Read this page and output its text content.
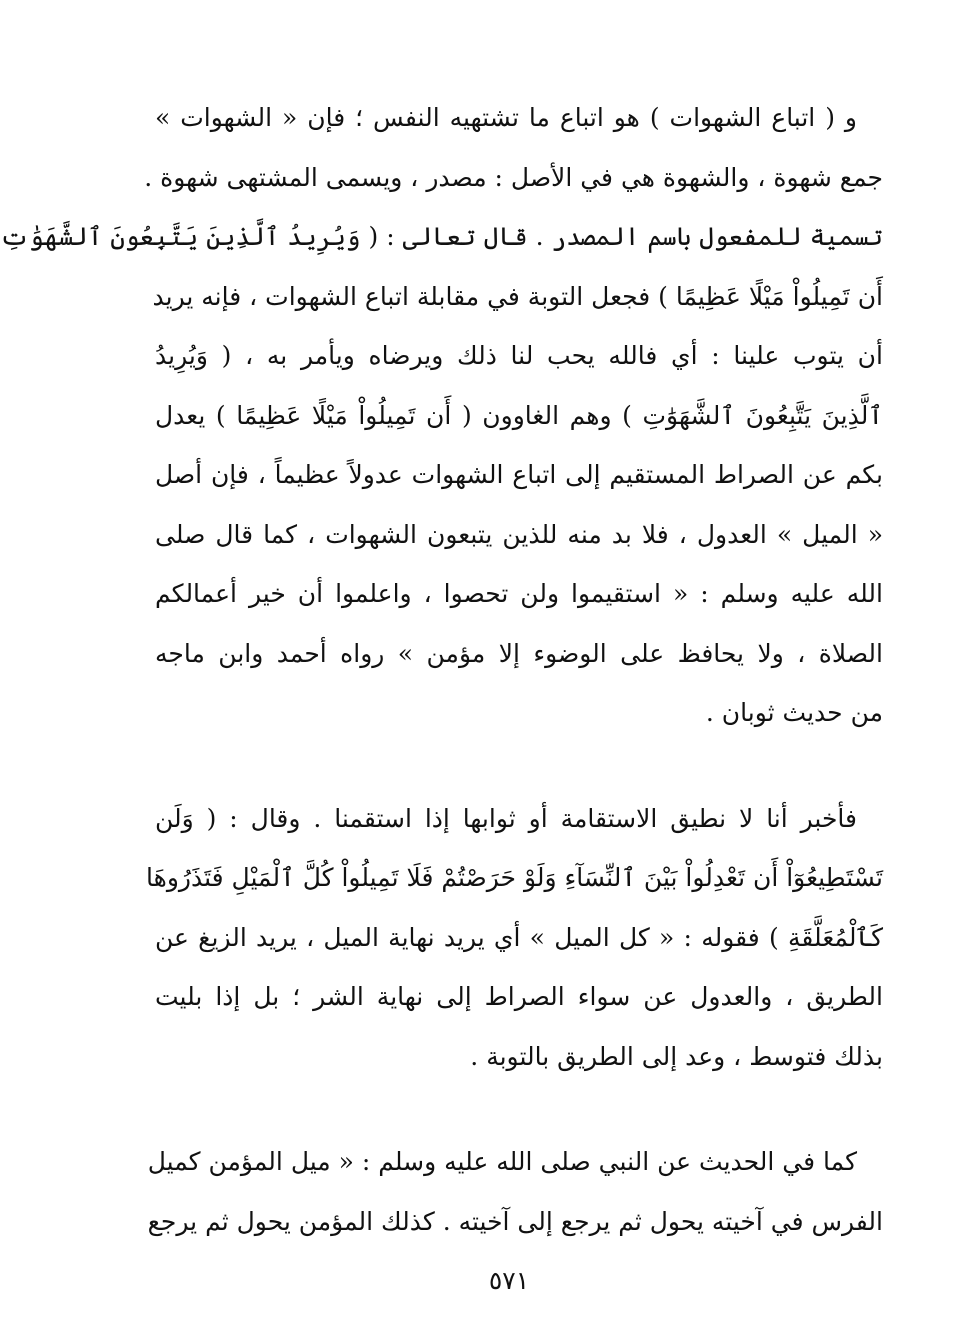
و ( اتباع الشهوات ) هو اتباع ما تشتهيه النفس ؛ فإن « الشهوات »
جمع شهوة ، والشهوة هي في الأصل : مصدر ، ويسمى المشتهى شهوة .
تسمية للمفعول باسم المصدر . قال تعالى : ( وَيُرِيدُ ٱلَّذِينَ يَتَّبِعُونَ ٱلشَّهَوَٰتِ
أَن تَمِيلُواْ مَيْلًا عَظِيمًا ) فجعل التوبة في مقابلة اتباع الشهوات ، فإنه يريد
أن يتوب علينا : أي فالله يحب لنا ذلك ويرضاه ويأمر به ، ( وَيُرِيدُ
ٱلَّذِينَ يَتَّبِعُونَ ٱلشَّهَوَٰتِ ) وهم الغاوون ( أَن تَمِيلُواْ مَيْلًا عَظِيمًا ) يعدل
بكم عن الصراط المستقيم إلى اتباع الشهوات عدولاً عظيماً ، فإن أصل
« الميل » العدول ، فلا بد منه للذين يتبعون الشهوات ، كما قال صلى
الله عليه وسلم : « استقيموا ولن تحصوا ، واعلموا أن خير أعمالكم
الصلاة ، ولا يحافظ على الوضوء إلا مؤمن » رواه أحمد وابن ماجه
من حديث ثوبان .
فأخبر أنا لا نطيق الاستقامة أو ثوابها إذا استقمنا . وقال : ( وَلَن
تَسْتَطِيعُوٓاْ أَن تَعْدِلُواْ بَيْنَ ٱلنِّسَآءِ وَلَوْ حَرَصْتُمْ فَلَا تَمِيلُواْ كُلَّ ٱلْمَيْلِ فَتَذَرُوهَا
كَٱلْمُعَلَّقَةِ ) فقوله : « كل الميل » أي يريد نهاية الميل ، يريد الزيغ عن
الطريق ، والعدول عن سواء الصراط إلى نهاية الشر ؛ بل إذا بليت
بذلك فتوسط ، وعد إلى الطريق بالتوبة .
كما في الحديث عن النبي صلى الله عليه وسلم : « ميل المؤمن كميل
الفرس في آخيته يحول ثم يرجع إلى آخيته . كذلك المؤمن يحول ثم يرجع
٥٧١
